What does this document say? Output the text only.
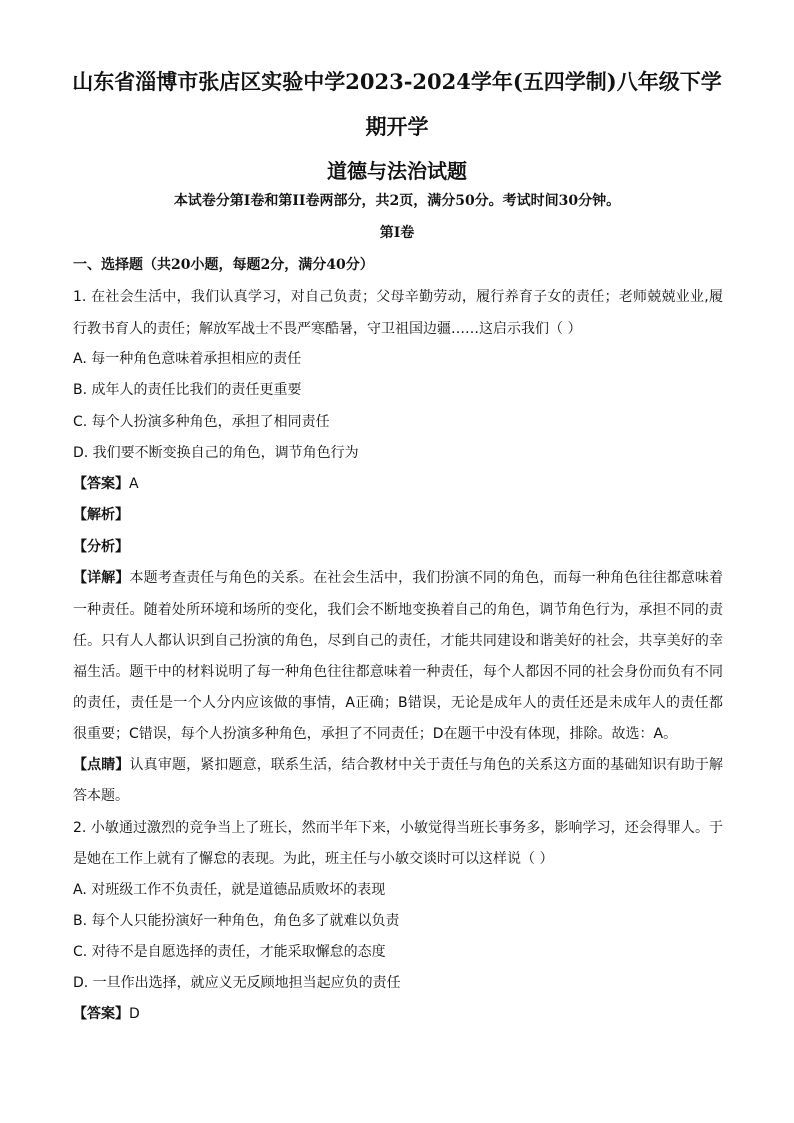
山东省淄博市张店区实验中学2023-2024学年(五四学制)八年级下学
期开学
道德与法治试题
本试卷分第I卷和第II卷两部分，共2页，满分50分。考试时间30分钟。
第I卷
一、选择题（共20小题，每题2分，满分40分）
1. 在社会生活中，我们认真学习，对自己负责；父母辛勤劳动，履行养育子女的责任；老师兢兢业业,履
行教书育人的责任；解放军战士不畏严寒酷暑，守卫祖国边疆……这启示我们（ ）
A. 每一种角色意味着承担相应的责任
B. 成年人的责任比我们的责任更重要
C. 每个人扮演多种角色，承担了相同责任
D. 我们要不断变换自己的角色，调节角色行为
【答案】A
【解析】
【分析】
【详解】本题考查责任与角色的关系。在社会生活中，我们扮演不同的角色，而每一种角色往往都意味着
一种责任。随着处所环境和场所的变化，我们会不断地变换着自己的角色，调节角色行为，承担不同的责
任。只有人人都认识到自己扮演的角色，尽到自己的责任，才能共同建设和谐美好的社会，共享美好的幸
福生活。题干中的材料说明了每一种角色往往都意味着一种责任，每个人都因不同的社会身份而负有不同
的责任，责任是一个人分内应该做的事情，A正确；B错误，无论是成年人的责任还是未成年人的责任都
很重要；C错误，每个人扮演多种角色，承担了不同责任；D在题干中没有体现，排除。故选：A。
【点睛】认真审题，紧扣题意，联系生活，结合教材中关于责任与角色的关系这方面的基础知识有助于解
答本题。
2. 小敏通过激烈的竞争当上了班长，然而半年下来，小敏觉得当班长事务多，影响学习，还会得罪人。于
是她在工作上就有了懈怠的表现。为此，班主任与小敏交谈时可以这样说（ ）
A. 对班级工作不负责任，就是道德品质败坏的表现
B. 每个人只能扮演好一种角色，角色多了就难以负责
C. 对待不是自愿选择的责任，才能采取懈怠的态度
D. 一旦作出选择，就应义无反顾地担当起应负的责任
【答案】D
